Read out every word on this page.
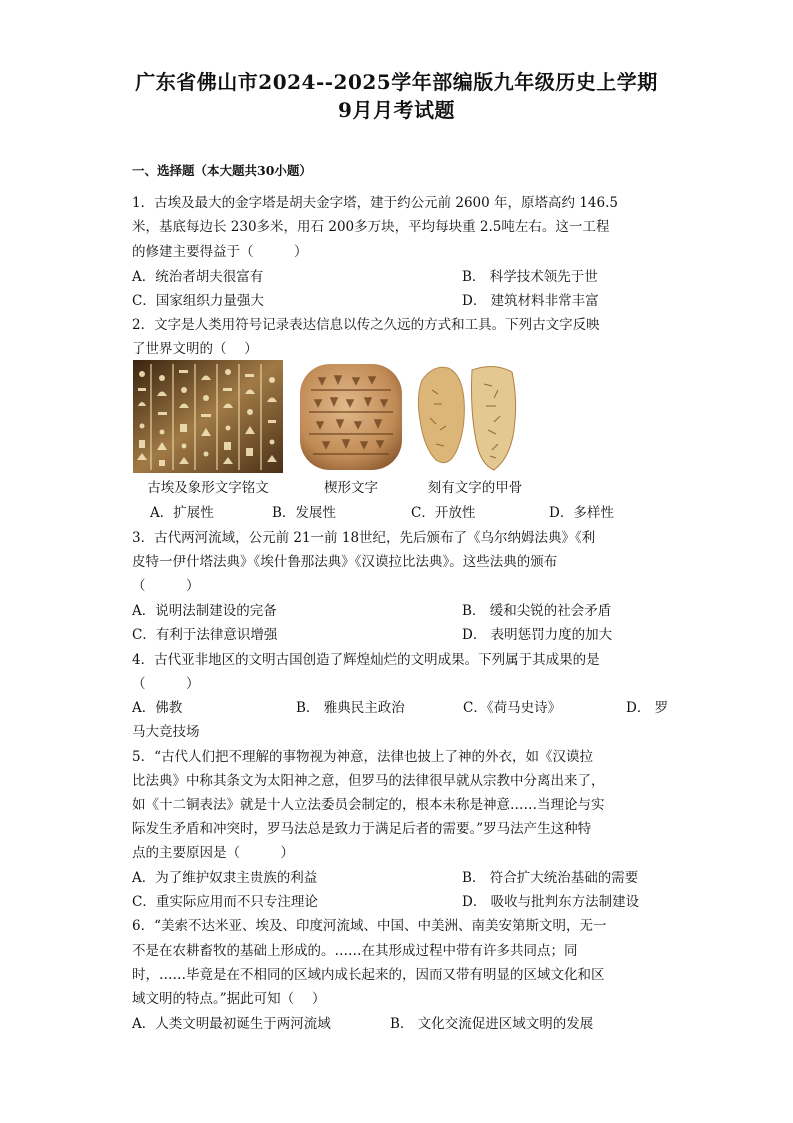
广东省佛山市2024--2025学年部编版九年级历史上学期
9月月考试题
一、选择题（本大题共30小题）
1．古埃及最大的金字塔是胡夫金字塔，建于约公元前 2600 年，原塔高约 146.5
米，基底每边长 230多米，用石 200多万块，平均每块重 2.5吨左右。这一工程
的修建主要得益于（　　　）
A．统治者胡夫很富有	B． 科学技术领先于世
C．国家组织力量强大	D． 建筑材料非常丰富
2．文字是人类用符号记录表达信息以传之久远的方式和工具。下列古文字反映
了世界文明的（　 ）
古埃及象形文字铭文	楔形文字	刻有文字的甲骨
A．扩展性	B．发展性	C．开放性	D．多样性
3．古代两河流域，公元前 21一前 18世纪，先后颁布了《乌尔纳姆法典》《利
皮特一伊什塔法典》《埃什鲁那法典》《汉谟拉比法典》。这些法典的颁布
（　　　）
A．说明法制建设的完备	B． 缓和尖锐的社会矛盾
C．有利于法律意识增强	D． 表明惩罚力度的加大
4．古代亚非地区的文明古国创造了辉煌灿烂的文明成果。下列属于其成果的是
（　　　）
A．佛教	B． 雅典民主政治	C．《荷马史诗》	D． 罗
马大竞技场
5．“古代人们把不理解的事物视为神意，法律也披上了神的外衣，如《汉谟拉
比法典》中称其条文为太阳神之意，但罗马的法律很早就从宗教中分离出来了，
如《十二铜表法》就是十人立法委员会制定的，根本未称是神意……当理论与实
际发生矛盾和冲突时，罗马法总是致力于满足后者的需要。”罗马法产生这种特
点的主要原因是（　　　）
A．为了维护奴隶主贵族的利益	B． 符合扩大统治基础的需要
C．重实际应用而不只专注理论	D． 吸收与批判东方法制建设
6．“美索不达米亚、埃及、印度河流域、中国、中美洲、南美安第斯文明，无一
不是在农耕畜牧的基础上形成的。……在其形成过程中带有许多共同点；同
时，……毕竟是在不相同的区域内成长起来的，因而又带有明显的区域文化和区
域文明的特点。”据此可知（　 ）
A．人类文明最初诞生于两河流域	B． 文化交流促进区域文明的发展
